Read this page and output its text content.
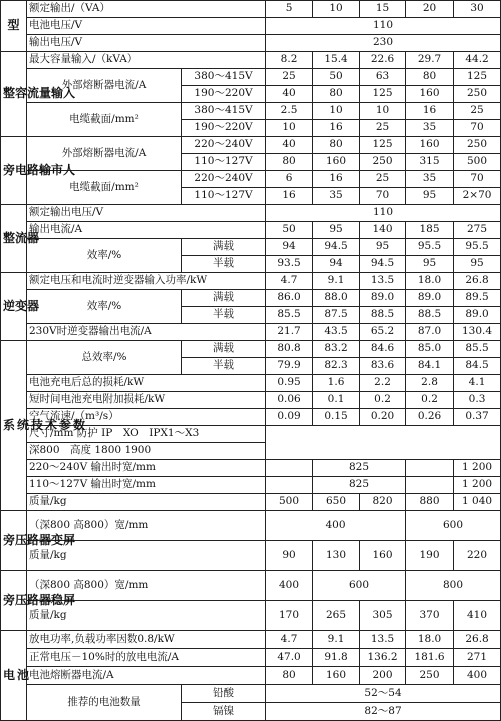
型	额定输出/（VA）		5	10	15	20	30	
	电池电压/V		110					
	输出电压/V		230					
整容流量输入	最大容量输入/（kVA）		8.2	15.4	22.6	29.7	44.2	
	外部熔断器电流/A	380～415V	25	50	63	80	125	
		190～220V	40	80	125	160	250	
	电缆截面/mm²	380～415V	2.5	10	10	16	25	
		190～220V	10	16	25	35	70	
旁电路输市人	外部熔断器电流/A	220～240V	40	80	125	160	250	
		110～127V	80	160	250	315	500	
	电缆截面/mm²	220～240V	6	16	25	35	70	
		110～127V	16	35	70	95	2×70	
整流器	额定输出电压/V		110					
	输出电流/A		50	95	140	185	275	
	效率/%	满载	94	94.5	95	95.5	95.5	
		半载	93.5	94	94.5	95	95	
逆变器	额定电压和电流时逆变器输入功率/kW		4.7	9.1	13.5	18.0	26.8	
	效率/%	满载	86.0	88.0	89.0	89.0	89.5	
		半载	85.5	87.5	88.5	88.5	89.0	
	230V时逆变器输出电流/A		21.7	43.5	65.2	87.0	130.4	
系统技术参数	总效率/%	满载	80.8	83.2	84.6	85.0	85.5	
		半载	79.9	82.3	83.6	84.1	84.5	
	电池充电后总的损耗/kW		0.95	1.6	2.2	2.8	4.1	
	短时间电池充电附加损耗/kW		0.06	0.1	0.2	0.2	0.3	
	空气流速/（m³/s）		0.09	0.15	0.20	0.26	0.37	
	尺寸/mm 防护 IP　XO　IPX1～X3							
	深800　高度 1800 1900							
	220～240V 输出时宽/mm			825			1 200	
	110～127V 输出时宽/mm			825			1 200	
	质量/kg		500	650	820	880	1 040	
旁压路器变屏	（深800 高800）宽/mm		400			600		
	质量/kg		90	130	160	190	220	
旁压路器稳屏	（深800 高800）宽/mm		400	600		800		
	质量/kg		170	265	305	370	410	
电池	放电功率,负载功率因数0.8/kW		4.7	9.1	13.5	18.0	26.8	
	正常电压－10%时的放电电流/A		47.0	91.8	136.2	181.6	271	
	电池熔断器电流/A		80	160	200	250	400	
	推荐的电池数量	铅酸	52～54					
		镉镍	82～87					
